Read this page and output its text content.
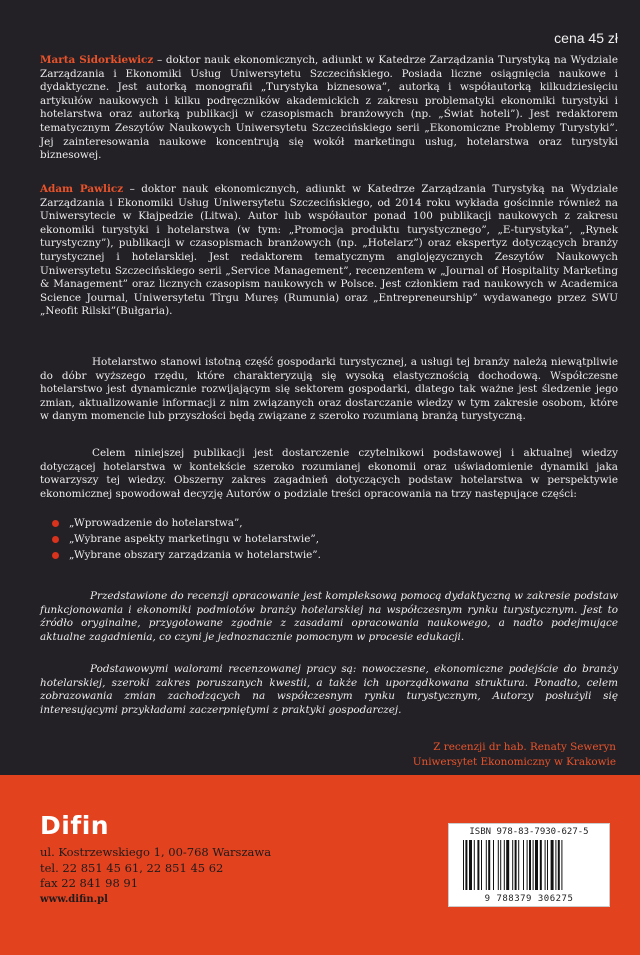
cena 45 zł

Marta Sidorkiewicz – doktor nauk ekonomicznych, adiunkt w Katedrze Zarządzania Turystyką na Wydziale Zarządzania i Ekonomiki Usług Uniwersytetu Szczecińskiego. Posiada liczne osiągnięcia naukowe i dydaktyczne. Jest autorką monografii „Turystyka biznesowa”, autorką i współautorką kilkudziesięciu artykułów naukowych i kilku podręczników akademickich z zakresu problematyki ekonomiki turystyki i hotelarstwa oraz autorką publikacji w czasopismach branżowych (np. „Świat hoteli”). Jest redaktorem tematycznym Zeszytów Naukowych Uniwersytetu Szczecińskiego serii „Ekonomiczne Problemy Turystyki”. Jej zainteresowania naukowe koncentrują się wokół marketingu usług, hotelarstwa oraz turystyki biznesowej.

Adam Pawlicz – doktor nauk ekonomicznych, adiunkt w Katedrze Zarządzania Turystyką na Wydziale Zarządzania i Ekonomiki Usług Uniwersytetu Szczecińskiego, od 2014 roku wykłada gościnnie również na Uniwersytecie w Kłajpedzie (Litwa). Autor lub współautor ponad 100 publikacji naukowych z zakresu ekonomiki turystyki i hotelarstwa (w tym: „Promocja produktu turystycznego”, „E-turystyka”, „Rynek turystyczny”), publikacji w czasopismach branżowych (np. „Hotelarz”) oraz ekspertyz dotyczących branży turystycznej i hotelarskiej. Jest redaktorem tematycznym anglojęzycznych Zeszytów Naukowych Uniwersytetu Szczecińskiego serii „Service Management”, recenzentem w „Journal of Hospitality Marketing & Management” oraz licznych czasopism naukowych w Polsce. Jest członkiem rad naukowych w Academica Science Journal, Uniwersytetu Tîrgu Mureș (Rumunia) oraz „Entrepreneurship” wydawanego przez SWU „Neofit Rilski”(Bułgaria).

Hotelarstwo stanowi istotną część gospodarki turystycznej, a usługi tej branży należą niewątpliwie do dóbr wyższego rzędu, które charakteryzują się wysoką elastycznością dochodową. Współczesne hotelarstwo jest dynamicznie rozwijającym się sektorem gospodarki, dlatego tak ważne jest śledzenie jego zmian, aktualizowanie informacji z nim związanych oraz dostarczanie wiedzy w tym zakresie osobom, które w danym momencie lub przyszłości będą związane z szeroko rozumianą branżą turystyczną.

Celem niniejszej publikacji jest dostarczenie czytelnikowi podstawowej i aktualnej wiedzy dotyczącej hotelarstwa w kontekście szeroko rozumianej ekonomii oraz uświadomienie dynamiki jaka towarzyszy tej wiedzy. Obszerny zakres zagadnień dotyczących podstaw hotelarstwa w perspektywie ekonomicznej spowodował decyzję Autorów o podziale treści opracowania na trzy następujące części:

„Wprowadzenie do hotelarstwa”,
„Wybrane aspekty marketingu w hotelarstwie”,
„Wybrane obszary zarządzania w hotelarstwie”.

Przedstawione do recenzji opracowanie jest kompleksową pomocą dydaktyczną w zakresie podstaw funkcjonowania i ekonomiki podmiotów branży hotelarskiej na współczesnym rynku turystycznym. Jest to źródło oryginalne, przygotowane zgodnie z zasadami opracowania naukowego, a nadto podejmujące aktualne zagadnienia, co czyni je jednoznacznie pomocnym w procesie edukacji.

Podstawowymi walorami recenzowanej pracy są: nowoczesne, ekonomiczne podejście do branży hotelarskiej, szeroki zakres poruszanych kwestii, a także ich uporządkowana struktura. Ponadto, celem zobrazowania zmian zachodzących na współczesnym rynku turystycznym, Autorzy posłużyli się interesującymi przykładami zaczerpniętymi z praktyki gospodarczej.

Z recenzji dr hab. Renaty Seweryn
Uniwersytet Ekonomiczny w Krakowie
Difin
ul. Kostrzewskiego 1, 00-768 Warszawa
tel. 22 851 45 61, 22 851 45 62
fax 22 841 98 91
www.difin.pl
ISBN 978-83-7930-627-5
9 788379 306275
